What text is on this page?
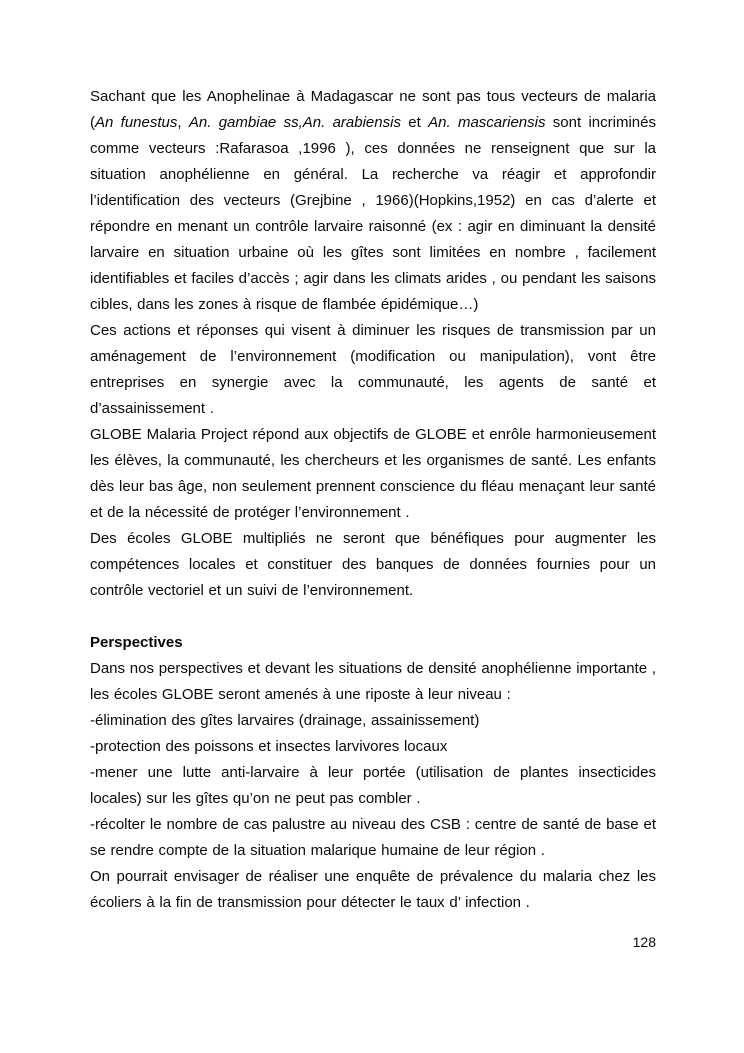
Sachant que les Anophelinae à Madagascar ne sont pas tous vecteurs de malaria (An funestus, An. gambiae ss,An. arabiensis et An. mascariensis sont incriminés comme vecteurs :Rafarasoa ,1996 ), ces données ne renseignent que sur la situation anophélienne en général. La recherche va réagir et approfondir l’identification des vecteurs (Grejbine , 1966)(Hopkins,1952) en cas d’alerte et répondre en menant un contrôle larvaire raisonné (ex : agir en diminuant la densité larvaire en situation urbaine où les gîtes sont limitées en nombre , facilement identifiables et faciles d’accès ; agir dans les climats arides , ou pendant les saisons cibles, dans les zones à risque de flambée épidémique…)

Ces actions et réponses qui visent à diminuer les risques de transmission par un aménagement de l’environnement (modification ou manipulation), vont être entreprises en synergie avec la communauté, les agents de santé et d’assainissement .

GLOBE Malaria Project répond aux objectifs de GLOBE et enrôle harmonieusement les élèves, la communauté, les chercheurs et les organismes de santé. Les enfants dès leur bas âge, non seulement prennent conscience du fléau menaçant leur santé et de la nécessité de protéger l’environnement .

Des écoles GLOBE multipliés ne seront que bénéfiques pour augmenter les compétences locales et constituer des banques de données fournies pour un contrôle vectoriel et un suivi de l’environnement.

Perspectives

Dans nos perspectives et devant les situations de densité anophélienne importante , les écoles GLOBE seront amenés à une riposte à leur niveau :

-élimination des gîtes larvaires (drainage, assainissement)

-protection des poissons et insectes larvivores locaux

-mener une lutte anti-larvaire à leur portée (utilisation de plantes insecticides locales) sur les gîtes qu’on ne peut pas combler .

-récolter le nombre de cas palustre au niveau des CSB : centre de santé de base et se rendre compte de la situation malarique humaine de leur région .

On pourrait envisager de réaliser une enquête de prévalence du malaria chez les écoliers à la fin de transmission pour détecter le taux d’ infection .

128
